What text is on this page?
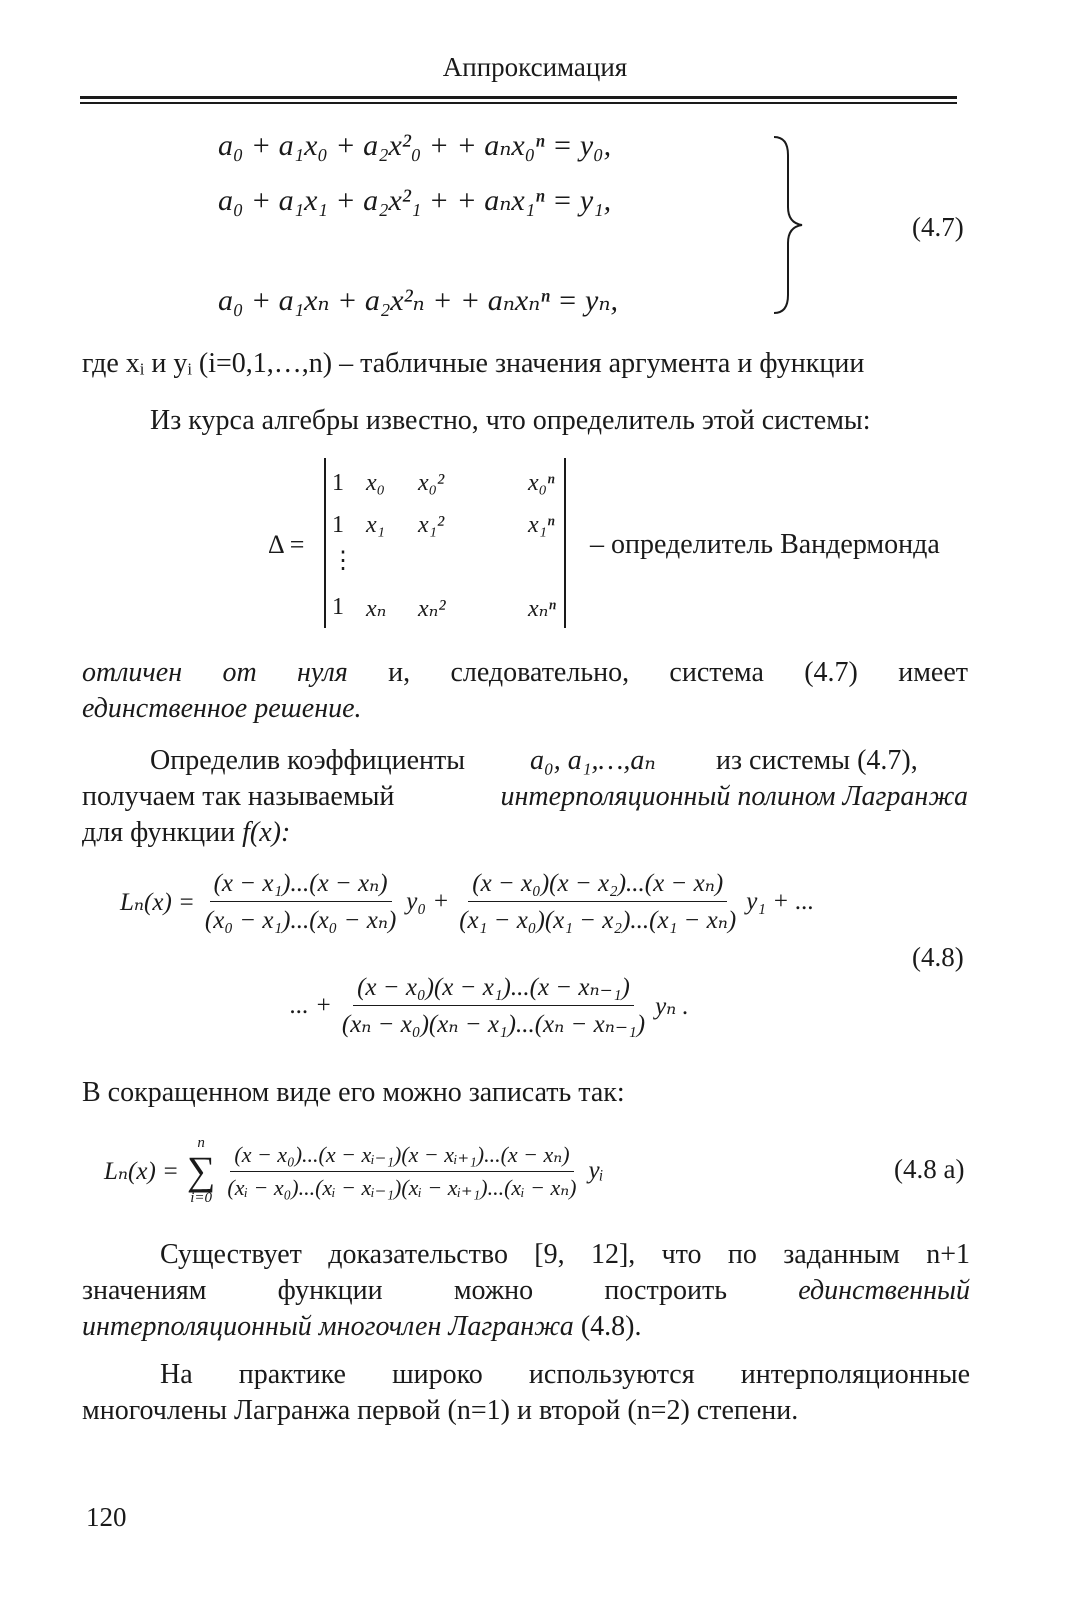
Аппроксимация
a₀ + a₁x₀ + a₂x²₀ + + aₙx₀ⁿ = y₀,
a₀ + a₁x₁ + a₂x²₁ + + aₙx₁ⁿ = y₁,
a₀ + a₁xₙ + a₂x²ₙ + + aₙxₙⁿ = yₙ,
(4.7)
где xᵢ и yᵢ (i=0,1,…,n) – табличные значения аргумента и функции
Из курса алгебры известно, что определитель этой системы:
Δ =
1 x₀ x₀²	x₀ⁿ
1 x₁ x₁²	x₁ⁿ
⋮
1 xₙ xₙ²	xₙⁿ
– определитель Вандермонда
отличен от нуля и, следовательно, система (4.7) имеет
единственное решение.
Определив коэффициенты a₀, a₁,…,aₙ из системы (4.7),
получаем так называемый	интерполяционный полином Лагранжа
для функции f(x):
$L_n(x) = \frac{\text{(x − x₁)...(x − xₙ)}}{\text{(x₀ − x₁)...(x₀ − xₙ)}} y_0 + \frac{\text{(x − x₀)(x − x₂)...(x − xₙ)}}{\text{(x₁ − x₀)(x₁ − x₂)...(x₁ − xₙ)}} y_1$ + ...
(4.8)
... + $\frac{\text{(x − x₀)(x − x₁)...(x − xₙ₋₁)}}{\text{(xₙ − x₀)(xₙ − x₁)...(xₙ − xₙ₋₁)}}$ yₙ .
В сокращенном виде его можно записать так:
Lₙ(x) =
n
∑
$i=0 \frac{\text{(x − x₀)...(x − xᵢ₋₁)(x − xᵢ₊₁)...(x − xₙ)}}{\text{(xᵢ − x₀)...(xᵢ − xᵢ₋₁)(xᵢ − xᵢ₊₁)...(xᵢ − xₙ)}}$ yᵢ	(4.8 a)
Существует доказательство [9, 12], что по заданным n+1
значениям	функции	можно	построить	единственный
интерполяционный многочлен Лагранжа (4.8).
На практике широко используются интерполяционные
многочлены Лагранжа первой (n=1) и второй (n=2) степени.
120
